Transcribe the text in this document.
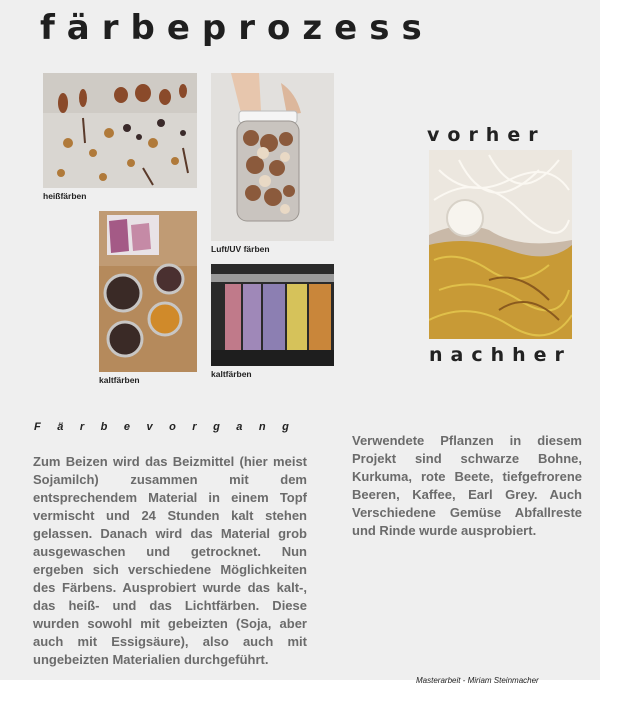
färbeprozess
heißfärben
Luft/UV färben
kaltfärben
kaltfärben
vorher
nachher
Färbevorgang

Zum Beizen wird das Beizmittel (hier meist Sojamilch) zusammen mit dem entsprechendem Material in einem Topf vermischt und 24 Stunden kalt stehen gelassen. Danach wird das Material grob ausgewaschen und getrocknet. Nun ergeben sich verschiedene Möglichkeiten des Färbens. Ausprobiert wurde das kalt-, das heiß- und das Lichtfärben. Diese wurden sowohl mit gebeizten (Soja, aber auch mit Essigsäure), also auch mit ungebeizten Materialien durchgeführt.

Verwendete Pflanzen in diesem Projekt sind schwarze Bohne, Kurkuma, rote Beete, tiefgefrorene Beeren, Kaffee, Earl Grey. Auch Verschiedene Gemüse Abfallreste und Rinde wurde ausprobiert.

Masterarbeit - Miriam Steinmacher
